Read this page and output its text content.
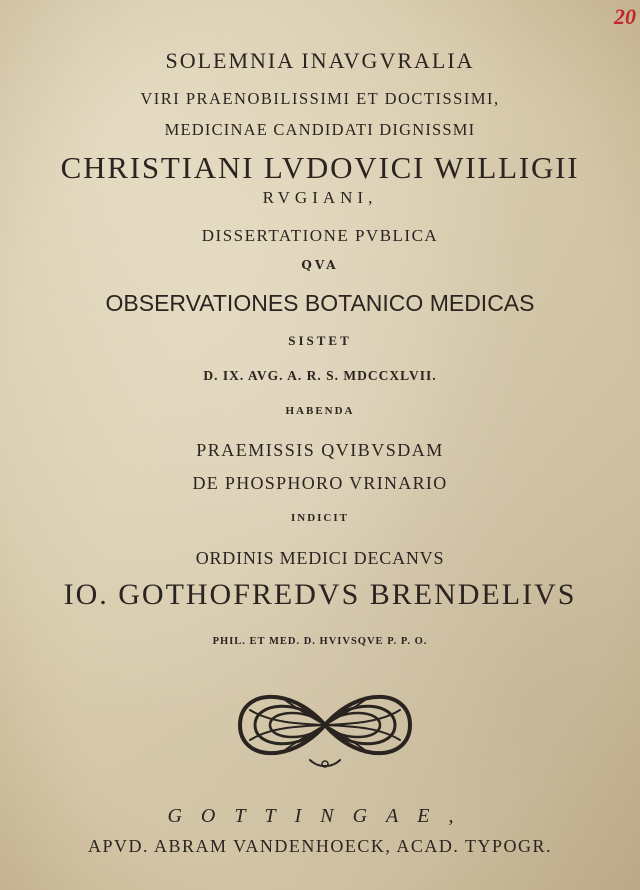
20
SOLEMNIA INAVGVRALIA
VIRI PRAENOBILISSIMI ET DOCTISSIMI,
MEDICINAE CANDIDATI DIGNISSMI
CHRISTIANI LVDOVICI WILLIGII
RVGIANI,
DISSERTATIONE PVBLICA
QVA
OBSERVATIONES BOTANICO MEDICAS
SISTET
D. IX. AVG. A. R. S. MDCCXLVII.
HABENDA
PRAEMISSIS QVIBVSDAM
DE PHOSPHORO VRINARIO
INDICIT
ORDINIS MEDICI DECANVS
IO. GOTHOFREDVS BRENDELIVS
PHIL. ET MED. D. HVIVSQVE P. P. O.
GOTTINGAE,
APVD. ABRAM VANDENHOECK, ACAD. TYPOGR.
